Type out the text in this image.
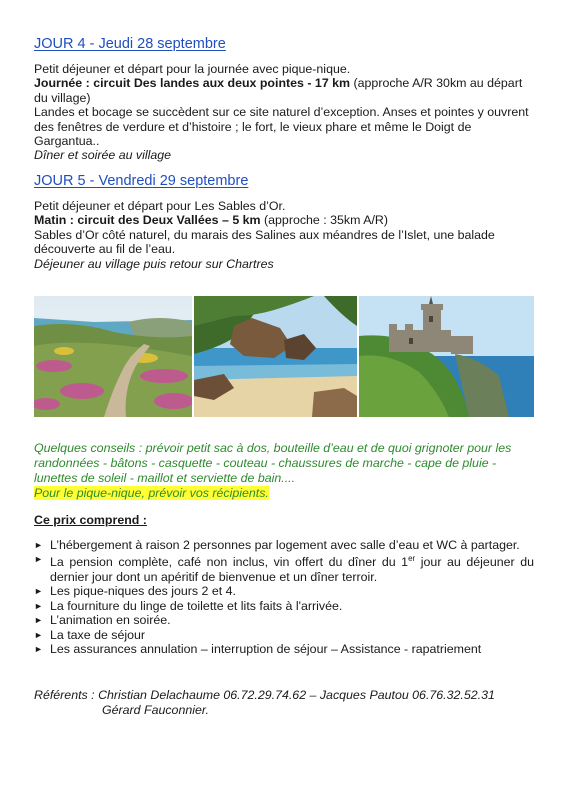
JOUR 4 - Jeudi 28 septembre
Petit déjeuner et départ pour la journée avec pique-nique.
Journée : circuit Des landes aux deux pointes - 17 km (approche A/R 30km au départ du village)
Landes et bocage se succèdent sur ce site naturel d’exception. Anses et pointes y ouvrent des fenêtres de verdure et d’histoire ; le fort, le vieux phare et même le Doigt de Gargantua..
Dîner et soirée au village
JOUR 5 - Vendredi 29 septembre
Petit déjeuner et départ pour Les Sables d’Or.
Matin : circuit des Deux Vallées – 5 km (approche : 35km A/R)
Sables d’Or côté naturel, du marais des Salines aux méandres de l’Islet, une balade découverte au fil de l’eau.
Déjeuner au village puis retour sur Chartres
Quelques conseils : prévoir petit sac à dos, bouteille d’eau et de quoi grignoter pour les randonnées - bâtons - casquette - couteau - chaussures de marche - cape de pluie - lunettes de soleil - maillot et serviette de bain....
Pour le pique-nique, prévoir vos récipients.
Ce prix comprend :
► L’hébergement à raison 2 personnes par logement avec salle d’eau et WC à partager.
► La pension complète, café non inclus, vin offert du dîner du 1er jour au déjeuner du dernier jour dont un apéritif de bienvenue et un dîner terroir.
► Les pique-niques des jours 2 et 4.
► La fourniture du linge de toilette et lits faits à l'arrivée.
► L’animation en soirée.
► La taxe de séjour
► Les assurances annulation – interruption de séjour – Assistance - rapatriement
Référents : Christian Delachaume 06.72.29.74.62 – Jacques Pautou 06.76.32.52.31
Gérard Fauconnier.
